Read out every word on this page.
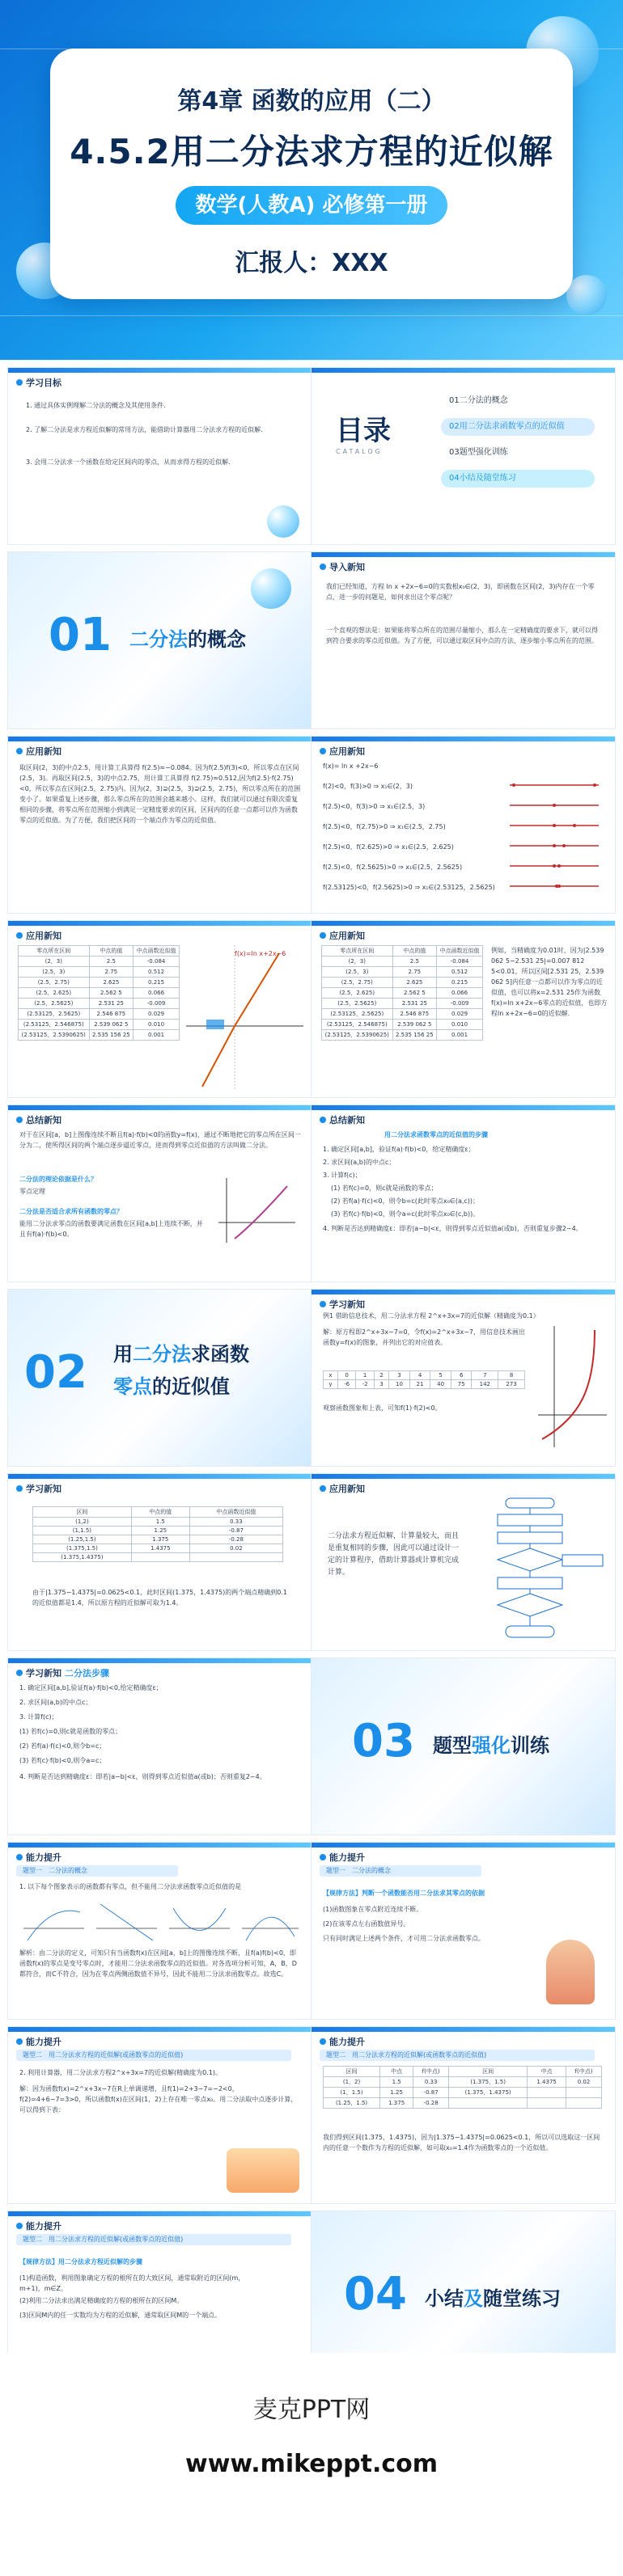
第4章 函数的应用（二）
4.5.2用二分法求方程的近似解
数学(人教A) 必修第一册
汇报人：XXX
学习目标
1. 通过具体实例理解二分法的概念及其使用条件.
2. 了解二分法是求方程近似解的常用方法，能借助计算器用二分法求方程的近似解.
3. 会用二分法求一个函数在给定区间内的零点，从而求得方程的近似解.
目录
CATALOG
01二分法的概念
02用二分法求函数零点的近似值
03题型强化训练
04小结及随堂练习
01 二分法的概念
导入新知
我们已经知道，方程 ln x +2x−6=0的实数根x₀∈(2，3)，即函数在区间(2，3)内存在一个零点，进一步的问题是，如何求出这个零点呢？
一个直观的想法是：如果能将零点所在的范围尽量缩小，那么在一定精确度的要求下，就可以得到符合要求的零点近似值。为了方便，可以通过取区间中点的方法，逐步缩小零点所在的范围。
应用新知
取区间(2，3)的中点2.5，用计算工具算得 f(2.5)≈−0.084。因为f(2.5)f(3)<0，所以零点在区间(2.5，3)。再取区间(2.5，3)的中点2.75，用计算工具算得 f(2.75)≈0.512,因为f(2.5)·f(2.75)<0，所以零点在区间(2.5，2.75)内。因为(2，3)⊇(2.5，3)⊇(2.5，2.75)，所以零点所在的范围变小了。如果重复上述步骤，那么零点所在的范围会越来越小。这样，我们就可以通过有限次重复相同的步骤，将零点所在范围缩小到满足一定精度要求的区间，区间内的任意一点都可以作为函数零点的近似值。为了方便，我们把区间的一个端点作为零点的近似值。
应用新知
f(x)= ln x +2x−6
f(2)<0，f(3)>0 ⇒ x₁∈(2，3)
f(2.5)<0，f(3)>0 ⇒ x₁∈(2.5，3)
f(2.5)<0，f(2.75)>0 ⇒ x₁∈(2.5，2.75)
f(2.5)<0，f(2.625)>0 ⇒ x₁∈(2.5，2.625)
f(2.5)<0，f(2.5625)>0 ⇒ x₁∈(2.5，2.5625)
f(2.53125)<0，f(2.5625)>0 ⇒ x₁∈(2.53125，2.5625)
应用新知
零点所在区间	中点的值	中点函数近似值
(2，3)	2.5	-0.084
(2.5，3)	2.75	0.512
(2.5，2.75)	2.625	0.215
(2.5，2.625)	2.562 5	0.066
(2.5，2.5625)	2.531 25	-0.009
(2.53125，2.5625)	2.546 875	0.029
(2.53125，2.546875)	2.539 062 5	0.010
(2.53125，2.5390625)	2.535 156 25	0.001
f(x)=ln x+2x−6
应用新知
零点所在区间	中点的值	中点函数近似值
(2，3)	2.5	-0.084
(2.5，3)	2.75	0.512
(2.5，2.75)	2.625	0.215
(2.5，2.625)	2.562 5	0.066
(2.5，2.5625)	2.531 25	-0.009
(2.53125，2.5625)	2.546 875	0.029
(2.53125，2.546875)	2.539 062 5	0.010
(2.53125，2.5390625)	2.535 156 25	0.001
例如，当精确度为0.01时，因为|2.539 062 5−2.531 25|=0.007 812 5<0.01，所以区间[2.531 25，2.539 062 5]内任意一点都可以作为零点的近似值，也可以将x=2.531 25作为函数f(x)=ln x+2x−6零点的近似值，也即方程ln x+2x−6=0的近似解.
总结新知
对于在区间[a，b]上图像连续不断且f(a)·f(b)<0的函数y=f(x)，通过不断地把它的零点所在区间一分为二，使所得区间的两个端点逐步逼近零点，进而得到零点近似值的方法叫做二分法。
二分法的理论依据是什么？
零点定理
二分法是否适合求所有函数的零点？
能用二分法求零点的函数要满足函数在区间[a,b]上连续不断，并且有f(a)·f(b)<0。
总结新知
用二分法求函数零点的近似值的步骤
1. 确定区间[a,b]，验证f(a)·f(b)<0，给定精确度ε；
2. 求区间(a,b)的中点c；
3. 计算f(c)；
(1) 若f(c)=0，则c就是函数的零点；
(2) 若f(a)·f(c)<0，则令b=c(此时零点x₀∈(a,c))；
(3) 若f(c)·f(b)<0，则令a=c(此时零点x₀∈(c,b))。
4. 判断是否达到精确度ε：即若|a−b|<ε，则得到零点近似值a(或b)，否则重复步骤2~4。
02 用二分法求函数
零点的近似值
学习新知
例1 借助信息技术，用二分法求方程 2^x+3x=7的近似解（精确度为0.1）
解：原方程即2^x+3x−7=0，令f(x)=2^x+3x−7，用信息技术画出函数y=f(x)的图象，并列出它的对应值表。
x	0	1	2	3	4	5	6	7	8
y	-6	-2	3	10	21	40	75	142	273
观察函数图象和上表，可知f(1)·f(2)<0。
学习新知
区间	中点的值	中点函数近似值
(1,2)	1.5	0.33
(1,1.5)	1.25	-0.87
(1.25,1.5)	1.375	-0.28
(1.375,1.5)	1.4375	0.02
(1.375,1.4375)		
由于|1.375−1.4375|=0.0625<0.1，此时区间(1.375，1.4375)的两个端点精确到0.1的近似值都是1.4，所以原方程的近似解可取为1.4。
应用新知
二分法求方程近似解，计算量较大，而且是重复相同的步骤，因此可以通过设计一定的计算程序，借助计算器或计算机完成计算。
学习新知 二分法步骤
1. 确定区间[a,b],验证f(a)·f(b)<0,给定精确度ε；
2. 求区间(a,b)的中点c；
3. 计算f(c)；
(1) 若f(c)=0,则c就是函数的零点；
(2) 若f(a)·f(c)<0,则令b=c；
(3) 若f(c)·f(b)<0,则令a=c；
4. 判断是否达到精确度ε：即若|a−b|<ε，则得到零点近似值a(或b)；否则重复2~4。
03 题型强化训练
能力提升
题型一　二分法的概念
1. 以下每个图象表示的函数都有零点，但不能用二分法求函数零点近似值的是
解析：由二分法的定义，可知只有当函数f(x)在区间[a，b]上的图像连续不断，且f(a)f(b)<0，即函数f(x)的零点是变号零点时，才能用二分法求函数零点的近似值。对各选项分析可知，A，B，D都符合，而C不符合，因为在零点两侧函数值不异号，因此不能用二分法求函数零点。故选C。
能力提升
题型一　二分法的概念
【规律方法】判断一个函数能否用二分法求其零点的依据
(1)函数图象在零点附近连续不断。
(2)在该零点左右函数值异号。
只有同时满足上述两个条件，才可用二分法求函数零点。
能力提升
题型二　用二分法求方程的近似解(或函数零点的近似值)
2. 利用计算器，用二分法求方程2^x+3x=7的近似解(精确度为0.1)。
解：因为函数f(x)=2^x+3x−7在R上单调递增，且f(1)=2+3−7=−2<0，f(2)=4+6−7=3>0，所以函数f(x)在区间(1，2)上存在唯一零点x₀。用二分法取中点逐步计算，可以得到下表：
能力提升
题型二　用二分法求方程的近似解(或函数零点的近似值)
区间	中点	f(中点)	区间	中点	f(中点)
(1，2)	1.5	0.33	(1.375，1.5)	1.4375	0.02
(1，1.5)	1.25	-0.87	(1.375，1.4375)		
(1.25，1.5)	1.375	-0.28			
我们得到区间(1.375，1.4375)，因为|1.375−1.4375|=0.0625<0.1，所以可以选取这一区间内的任意一个数作为方程的近似解，如可取x₀=1.4作为函数零点的一个近似值。
能力提升
题型二　用二分法求方程的近似解(或函数零点的近似值)
【规律方法】用二分法求方程近似解的步骤
(1)构造函数，利用图象确定方程的根所在的大致区间，通常取附近的区间(m，m+1)，m∈Z。
(2)利用二分法求出满足精确度的方程的根所在的区间M。
(3)区间M内的任一实数均为方程的近似解，通常取区间M的一个端点。	04 小结及随堂练习
麦克PPT网
www.mikeppt.com
